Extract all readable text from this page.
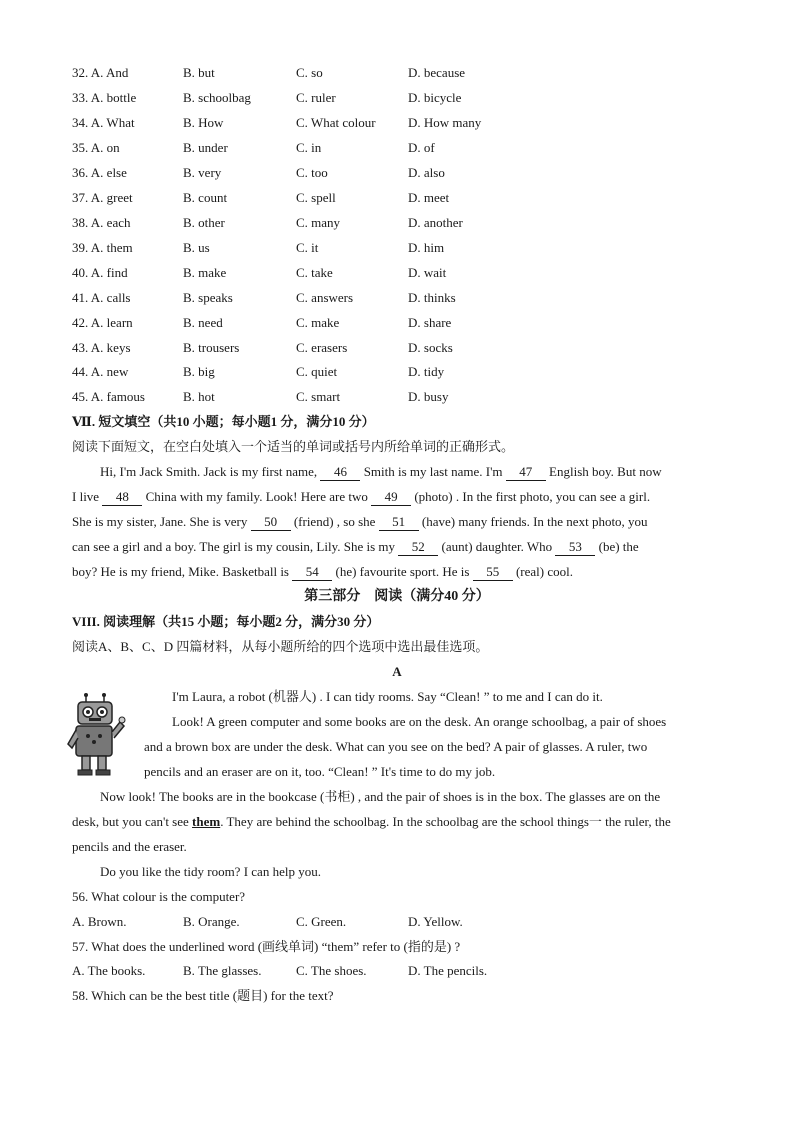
32. A. And	B. but	C. so	D. because
33. A. bottle	B. schoolbag	C. ruler	D. bicycle
34. A. What	B. How	C. What colour D. How many
35. A. on	B. under	C. in	D. of
36. A. else	B. very	C. too	D. also
37. A. greet	B. count	C. spell	D. meet
38. A. each	B. other	C. many	D. another
39. A. them	B. us	C. it	D. him
40. A. find	B. make	C. take	D. wait
41. A. calls	B. speaks	C. answers	D. thinks
42. A. learn	B. need	C. make	D. share
43. A. keys	B. trousers	C. erasers	D. socks
44. A. new	B. big	C. quiet	D. tidy
45. A. famous	B. hot	C. smart	D. busy
Ⅶ. 短文填空（共10 小题；每小题1 分，满分10 分）
阅读下面短文，在空白处填入一个适当的单词或括号内所给单词的正确形式。
Hi, I'm Jack Smith. Jack is my first name, 46 Smith is my last name. I'm 47 English boy. But now
I live 48 China with my family. Look! Here are two 49 (photo) . In the first photo, you can see a girl.
She is my sister, Jane. She is very 50 (friend) , so she 51 (have) many friends. In the next photo, you
can see a girl and a boy. The girl is my cousin, Lily. She is my 52 (aunt) daughter. Who 53 (be) the
boy? He is my friend, Mike. Basketball is 54 (he) favourite sport. He is 55 (real) cool.
第三部分　阅读（满分40 分）
VIII. 阅读理解（共15 小题；每小题2 分，满分30 分）
阅读A、B、C、D 四篇材料，从每小题所给的四个选项中选出最佳选项。
A
I'm Laura, a robot (机器人) . I can tidy rooms. Say “Clean! ” to me and I can do it.
Look! A green computer and some books are on the desk. An orange schoolbag, a pair of shoes
and a brown box are under the desk. What can you see on the bed? A pair of glasses. A ruler, two
pencils and an eraser are on it, too. “Clean! ” It's time to do my job.
Now look! The books are in the bookcase (书柜) , and the pair of shoes is in the box. The glasses are on the
desk, but you can't see them. They are behind the schoolbag. In the schoolbag are the school things一 the ruler, the
pencils and the eraser.
Do you like the tidy room? I can help you.
56. What colour is the computer?
A. Brown.	B. Orange.	C. Green.	D. Yellow.
57. What does the underlined word (画线单词) “them” refer to (指的是) ?
A. The books.	B. The glasses.	C. The shoes.	D. The pencils.
58. Which can be the best title (题目) for the text?
